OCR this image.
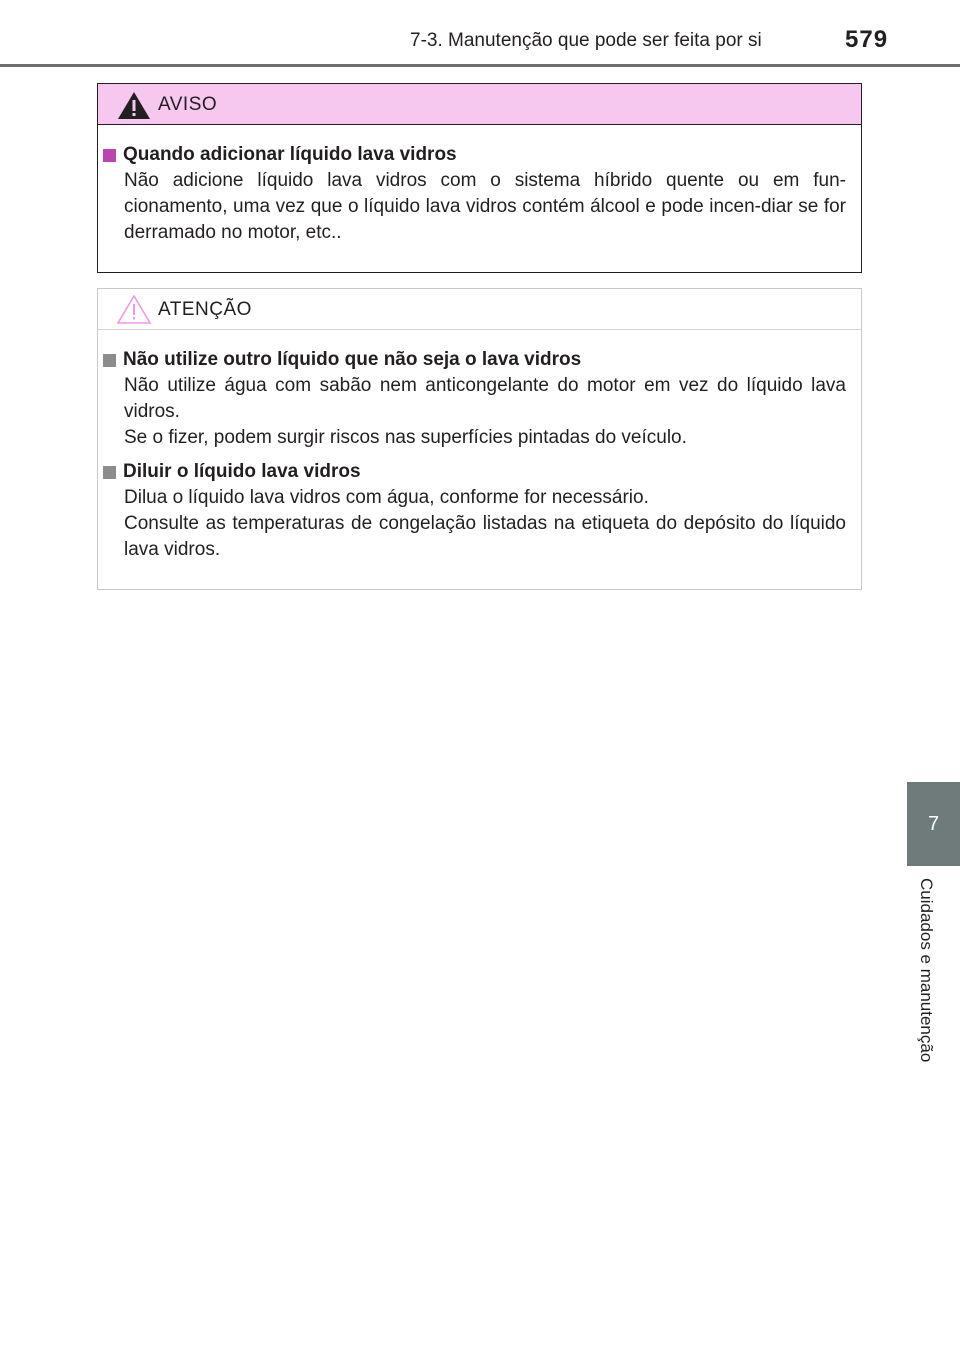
7-3. Manutenção que pode ser feita por si	579
7
Cuidados e manutenção
AVISO
Quando adicionar líquido lava vidros

Não adicione líquido lava vidros com o sistema híbrido quente ou em fun-cionamento, uma vez que o líquido lava vidros contém álcool e pode incen-diar se for derramado no motor, etc..

ATENÇÃO
Não utilize outro líquido que não seja o lava vidros

Não utilize água com sabão nem anticongelante do motor em vez do líquido lava vidros.

Se o fizer, podem surgir riscos nas superfícies pintadas do veículo.

Diluir o líquido lava vidros

Dilua o líquido lava vidros com água, conforme for necessário.

Consulte as temperaturas de congelação listadas na etiqueta do depósito do líquido lava vidros.
